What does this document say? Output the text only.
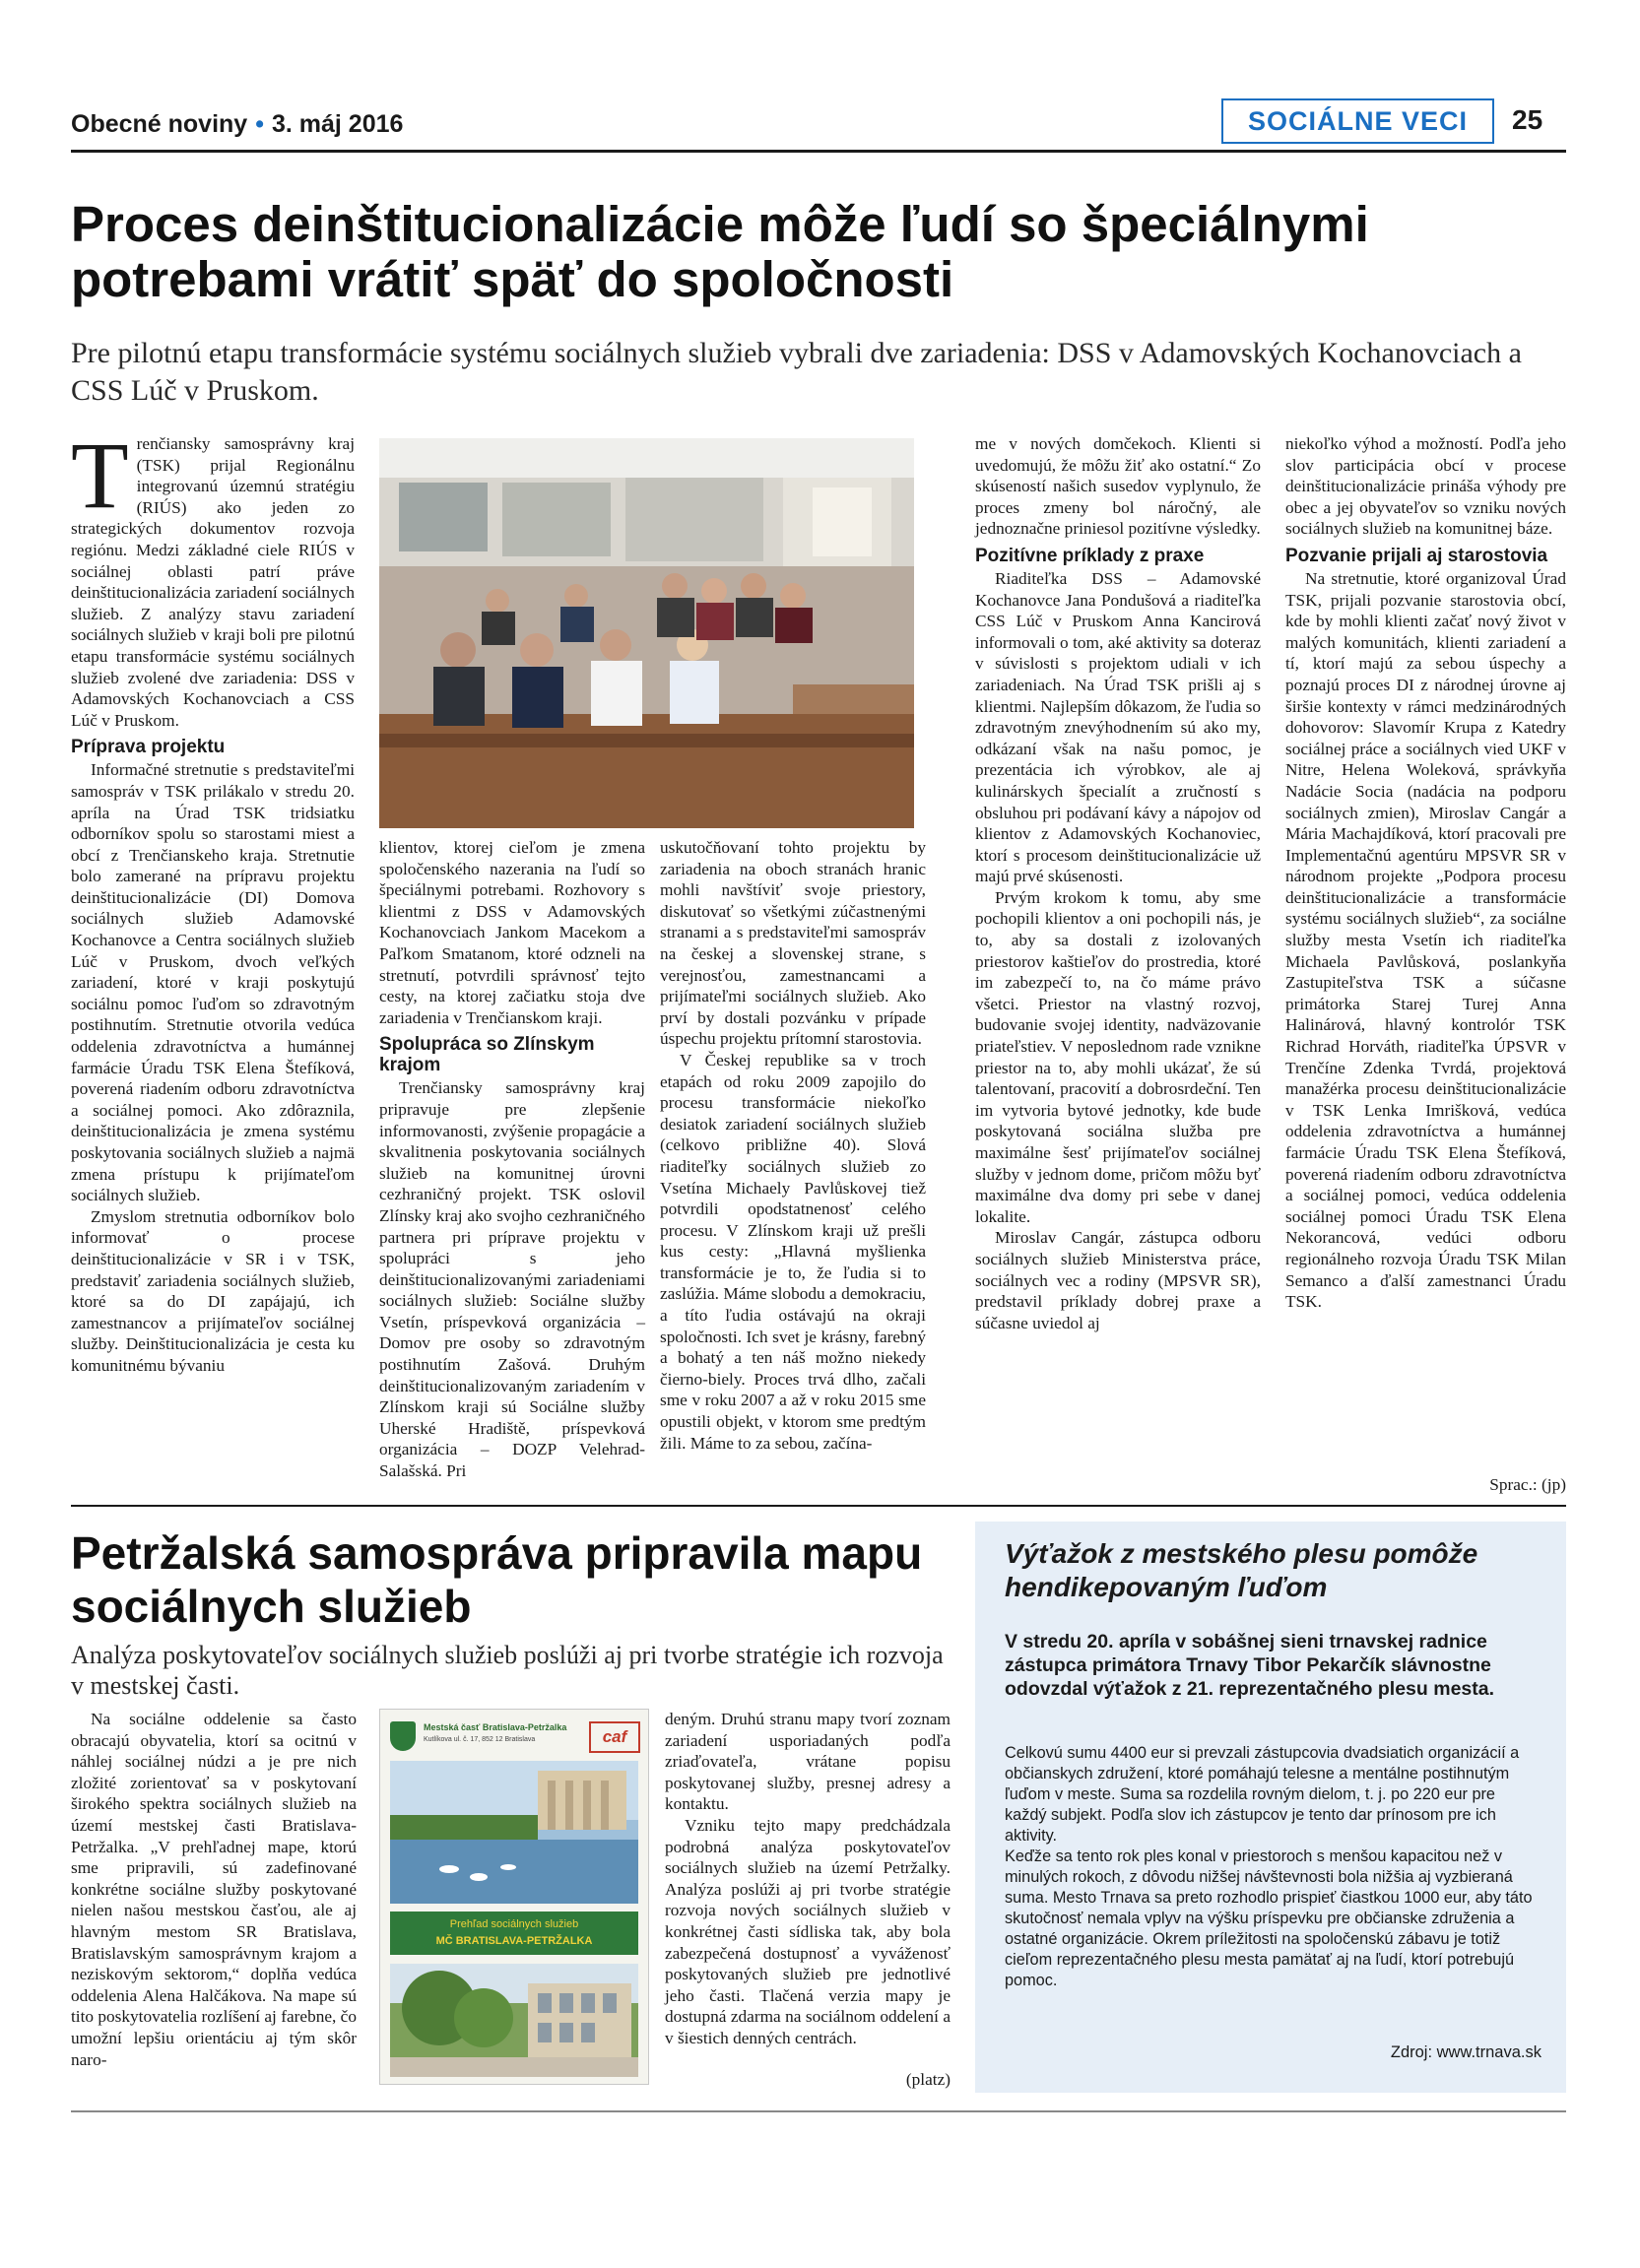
Obecné noviny • 3. máj 2016	SOCIÁLNE VECI	25
Proces deinštitucionalizácie môže ľudí so špeciálnymi potrebami vrátiť späť do spoločnosti
Pre pilotnú etapu transformácie systému sociálnych služieb vybrali dve zariadenia: DSS v Adamovských Kochanovciach a CSS Lúč v Pruskom.

Trenčiansky samosprávny kraj (TSK) prijal Regionálnu integrovanú územnú stratégiu (RIÚS) ako jeden zo strategických dokumentov rozvoja regiónu. Medzi základné ciele RIÚS v sociálnej oblasti patrí práve deinštitucionalizácia zariadení sociálnych služieb. Z analýzy stavu zariadení sociálnych služieb v kraji boli pre pilotnú etapu transformácie systému sociálnych služieb zvolené dve zariadenia: DSS v Adamovských Kochanovciach a CSS Lúč v Pruskom.

Príprava projektu

Informačné stretnutie s predstaviteľmi samospráv v TSK prilákalo v stredu 20. apríla na Úrad TSK tridsiatku odborníkov spolu so starostami miest a obcí z Trenčianskeho kraja. Stretnutie bolo zamerané na prípravu projektu deinštitucionalizácie (DI) Domova sociálnych služieb Adamovské Kochanovce a Centra sociálnych služieb Lúč v Pruskom, dvoch veľkých zariadení, ktoré v kraji poskytujú sociálnu pomoc ľuďom so zdravotným postihnutím. Stretnutie otvorila vedúca oddelenia zdravotníctva a humánnej farmácie Úradu TSK Elena Štefíková, poverená riadením odboru zdravotníctva a sociálnej pomoci. Ako zdôraznila, deinštitucionalizácia je zmena systému poskytovania sociálnych služieb a najmä zmena prístupu k prijímateľom sociálnych služieb.

Zmyslom stretnutia odborníkov bolo informovať o procese deinštitucionalizácie v SR i v TSK, predstaviť zariadenia sociálnych služieb, ktoré sa do DI zapájajú, ich zamestnancov a prijímateľov sociálnej služby. Deinštitucionalizácia je cesta ku komunitnému bývaniu

klientov, ktorej cieľom je zmena spoločenského nazerania na ľudí so špeciálnymi potrebami. Rozhovory s klientmi z DSS v Adamovských Kochanovciach Jankom Macekom a Paľkom Smatanom, ktoré odzneli na stretnutí, potvrdili správnosť tejto cesty, na ktorej začiatku stoja dve zariadenia v Trenčianskom kraji.

Spolupráca so Zlínskym krajom

Trenčiansky samosprávny kraj pripravuje pre zlepšenie informovanosti, zvýšenie propagácie a skvalitnenia poskytovania sociálnych služieb na komunitnej úrovni cezhraničný projekt. TSK oslovil Zlínsky kraj ako svojho cezhraničného partnera pri príprave projektu v spolupráci s jeho deinštitucionalizovanými zariadeniami sociálnych služieb: Sociálne služby Vsetín, príspevková organizácia – Domov pre osoby so zdravotným postihnutím Zašová. Druhým deinštitucionalizovaným zariadením v Zlínskom kraji sú Sociálne služby Uherské Hradiště, príspevková organizácia – DOZP Velehrad-Salašská. Pri

uskutočňovaní tohto projektu by zariadenia na oboch stranách hranic mohli navštíviť svoje priestory, diskutovať so všetkými zúčastnenými stranami a s predstaviteľmi samospráv na českej a slovenskej strane, s verejnosťou, zamestnancami a prijímateľmi sociálnych služieb. Ako prví by dostali pozvánku v prípade úspechu projektu prítomní starostovia.

V Českej republike sa v troch etapách od roku 2009 zapojilo do procesu transformácie niekoľko desiatok zariadení sociálnych služieb (celkovo približne 40). Slová riaditeľky sociálnych služieb zo Vsetína Michaely Pavlůskovej tiež potvrdili opodstatnenosť celého procesu. V Zlínskom kraji už prešli kus cesty: „Hlavná myšlienka transformácie je to, že ľudia si to zaslúžia. Máme slobodu a demokraciu, a títo ľudia ostávajú na okraji spoločnosti. Ich svet je krásny, farebný a bohatý a ten náš možno niekedy čierno-biely. Proces trvá dlho, začali sme v roku 2007 a až v roku 2015 sme opustili objekt, v ktorom sme predtým žili. Máme to za sebou, začína-

me v nových domčekoch. Klienti si uvedomujú, že môžu žiť ako ostatní.“ Zo skúseností našich susedov vyplynulo, že proces zmeny bol náročný, ale jednoznačne priniesol pozitívne výsledky.

Pozitívne príklady z praxe

Riaditeľka DSS – Adamovské Kochanovce Jana Pondušová a riaditeľka CSS Lúč v Pruskom Anna Kancirová informovali o tom, aké aktivity sa doteraz v súvislosti s projektom udiali v ich zariadeniach. Na Úrad TSK prišli aj s klientmi. Najlepším dôkazom, že ľudia so zdravotným znevýhodnením sú ako my, odkázaní však na našu pomoc, je prezentácia ich výrobkov, ale aj kulinárskych špecialít a zručností s obsluhou pri podávaní kávy a nápojov od klientov z Adamovských Kochanoviec, ktorí s procesom deinštitucionalizácie už majú prvé skúsenosti.

Prvým krokom k tomu, aby sme pochopili klientov a oni pochopili nás, je to, aby sa dostali z izolovaných priestorov kaštieľov do prostredia, ktoré im zabezpečí to, na čo máme právo všetci. Priestor na vlastný rozvoj, budovanie svojej identity, nadväzovanie priateľstiev. V neposlednom rade vznikne priestor na to, aby mohli ukázať, že sú talentovaní, pracovití a dobrosrdeční. Ten im vytvoria bytové jednotky, kde bude poskytovaná sociálna služba pre maximálne šesť prijímateľov sociálnej služby v jednom dome, pričom môžu byť maximálne dva domy pri sebe v danej lokalite.

Miroslav Cangár, zástupca odboru sociálnych služieb Ministerstva práce, sociálnych vec a rodiny (MPSVR SR), predstavil príklady dobrej praxe a súčasne uviedol aj

niekoľko výhod a možností. Podľa jeho slov participácia obcí v procese deinštitucionalizácie prináša výhody pre obec a jej obyvateľov so vzniku nových sociálnych služieb na komunitnej báze.

Pozvanie prijali aj starostovia

Na stretnutie, ktoré organizoval Úrad TSK, prijali pozvanie starostovia obcí, kde by mohli klienti začať nový život v malých komunitách, klienti zariadení a tí, ktorí majú za sebou úspechy a poznajú proces DI z národnej úrovne aj širšie kontexty v rámci medzinárodných dohovorov: Slavomír Krupa z Katedry sociálnej práce a sociálnych vied UKF v Nitre, Helena Woleková, správkyňa Nadácie Socia (nadácia na podporu sociálnych zmien), Miroslav Cangár a Mária Machajdíková, ktorí pracovali pre Implementačnú agentúru MPSVR SR v národnom projekte „Podpora procesu deinštitucionalizácie a transformácie systému sociálnych služieb“, za sociálne služby mesta Vsetín ich riaditeľka Michaela Pavlůsková, poslankyňa Zastupiteľstva TSK a súčasne primátorka Starej Turej Anna Halinárová, hlavný kontrolór TSK Richrad Horváth, riaditeľka ÚPSVR v Trenčíne Zdenka Tvrdá, projektová manažérka procesu deinštitucionalizácie v TSK Lenka Imrišková, vedúca oddelenia zdravotníctva a humánnej farmácie Úradu TSK Elena Štefíková, poverená riadením odboru zdravotníctva a sociálnej pomoci, vedúca oddelenia sociálnej pomoci Úradu TSK Elena Nekorancová, vedúci odboru regionálneho rozvoja Úradu TSK Milan Semanco a ďalší zamestnanci Úradu TSK.

Sprac.: (jp)
Petržalská samospráva pripravila mapu sociálnych služieb
Analýza poskytovateľov sociálnych služieb poslúži aj pri tvorbe stratégie ich rozvoja v mestskej časti.

Na sociálne oddelenie sa často obracajú obyvatelia, ktorí sa ocitnú v náhlej sociálnej núdzi a je pre nich zložité zorientovať sa v poskytovaní širokého spektra sociálnych služieb na území mestskej časti Bratislava-Petržalka. „V prehľadnej mape, ktorú sme pripravili, sú zadefinované konkrétne sociálne služby poskytované nielen našou mestskou časťou, ale aj hlavným mestom SR Bratislava, Bratislavským samosprávnym krajom a neziskovým sektorom,“ doplňa vedúca oddelenia Alena Halčákova. Na mape sú tito poskytovatelia rozlíšení aj farebne, čo umožní lepšiu orientáciu aj tým skôr naro-

Mestská časť Bratislava-Petržalka
Kutlíkova ul. č. 17, 852 12 Bratislava	caf
Prehľad sociálnych služieb
MČ BRATISLAVA-PETRŽALKA

deným. Druhú stranu mapy tvorí zoznam zariadení usporiadaných podľa zriaďovateľa, vrátane popisu poskytovanej služby, presnej adresy a kontaktu.

Vzniku tejto mapy predchádzala podrobná analýza poskytovateľov sociálnych služieb na území Petržalky. Analýza poslúži aj pri tvorbe stratégie rozvoja nových sociálnych služieb v konkrétnej časti sídliska tak, aby bola zabezpečená dostupnosť a vyváženosť poskytovaných služieb pre jednotlivé jeho časti. Tlačená verzia mapy je dostupná zdarma na sociálnom oddelení a v šiestich denných centrách.

(platz)
Výťažok z mestského plesu pomôže hendikepovaným ľuďom
V stredu 20. apríla v sobášnej sieni trnavskej radnice zástupca primátora Trnavy Tibor Pekarčík slávnostne odovzdal výťažok z 21. reprezentačného plesu mesta.

Celkovú sumu 4400 eur si prevzali zástupcovia dvadsiatich organizácií a občianskych združení, ktoré pomáhajú telesne a mentálne postihnutým ľuďom v meste. Suma sa rozdelila rovným dielom, t. j. po 220 eur pre každý subjekt. Podľa slov ich zástupcov je tento dar prínosom pre ich aktivity.

Keďže sa tento rok ples konal v priestoroch s menšou kapacitou než v minulých rokoch, z dôvodu nižšej návštevnosti bola nižšia aj vyzbieraná suma. Mesto Trnava sa preto rozhodlo prispieť čiastkou 1000 eur, aby táto skutočnosť nemala vplyv na výšku príspevku pre občianske združenia a ostatné organizácie. Okrem príležitosti na spoločenskú zábavu je totiž cieľom reprezentačného plesu mesta pamätať aj na ľudí, ktorí potrebujú pomoc.

Zdroj: www.trnava.sk
